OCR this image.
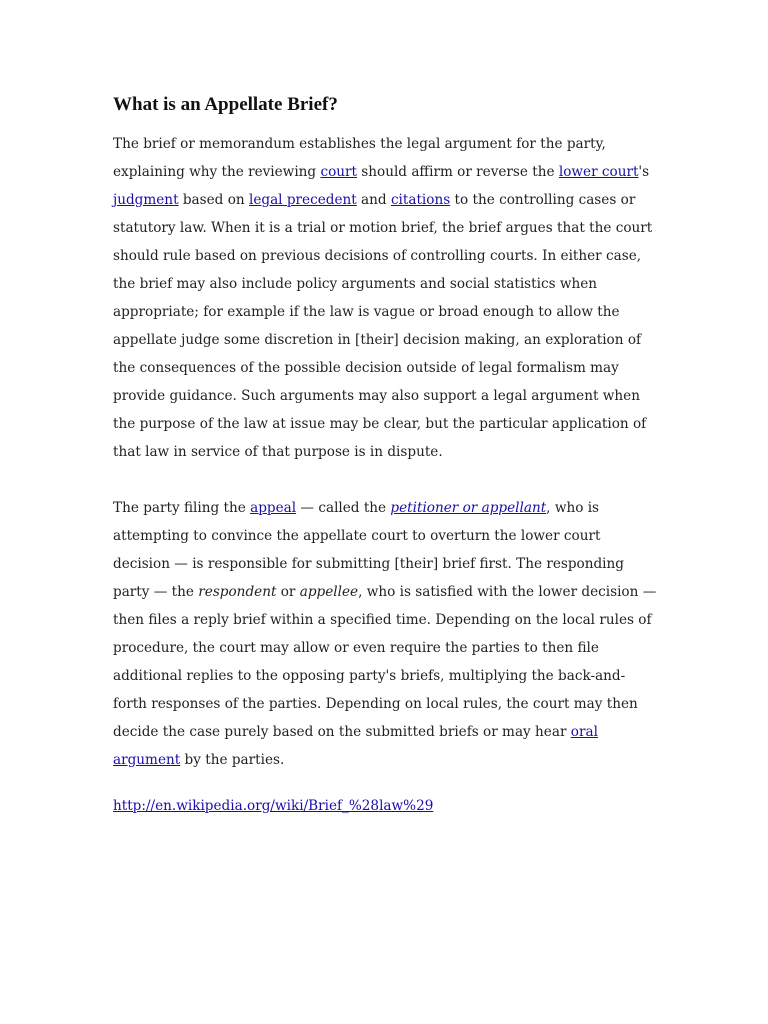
What is an Appellate Brief?

The brief or memorandum establishes the legal argument for the party, explaining why the reviewing court should affirm or reverse the lower court's judgment based on legal precedent and citations to the controlling cases or statutory law. When it is a trial or motion brief, the brief argues that the court should rule based on previous decisions of controlling courts. In either case, the brief may also include policy arguments and social statistics when appropriate; for example if the law is vague or broad enough to allow the appellate judge some discretion in [their] decision making, an exploration of the consequences of the possible decision outside of legal formalism may provide guidance. Such arguments may also support a legal argument when the purpose of the law at issue may be clear, but the particular application of that law in service of that purpose is in dispute.

The party filing the appeal — called the petitioner or appellant, who is attempting to convince the appellate court to overturn the lower court decision — is responsible for submitting [their] brief first. The responding party — the respondent or appellee, who is satisfied with the lower decision — then files a reply brief within a specified time. Depending on the local rules of procedure, the court may allow or even require the parties to then file additional replies to the opposing party's briefs, multiplying the back-and-forth responses of the parties. Depending on local rules, the court may then decide the case purely based on the submitted briefs or may hear oral argument by the parties.

http://en.wikipedia.org/wiki/Brief_%28law%29
